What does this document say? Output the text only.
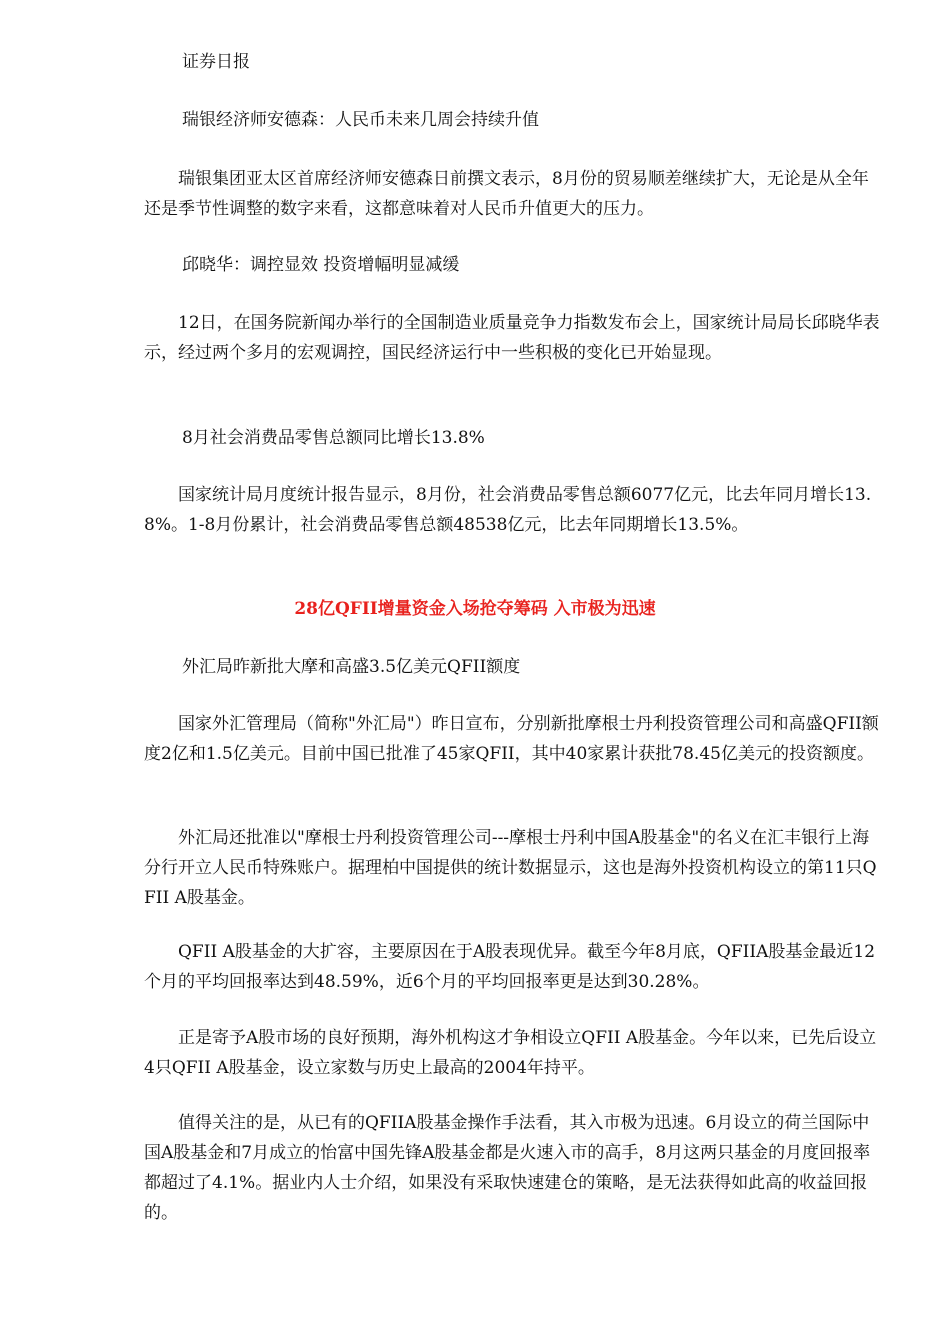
证券日报
瑞银经济师安德森：人民币未来几周会持续升值

瑞银集团亚太区首席经济师安德森日前撰文表示，8月份的贸易顺差继续扩大，无论是从全年还是季节性调整的数字来看，这都意味着对人民币升值更大的压力。

邱晓华：调控显效 投资增幅明显减缓

12日，在国务院新闻办举行的全国制造业质量竞争力指数发布会上，国家统计局局长邱晓华表示，经过两个多月的宏观调控，国民经济运行中一些积极的变化已开始显现。

8月社会消费品零售总额同比增长13.8%

国家统计局月度统计报告显示，8月份，社会消费品零售总额6077亿元，比去年同月增长13.8%。1-8月份累计，社会消费品零售总额48538亿元，比去年同期增长13.5%。

28亿QFII增量资金入场抢夺筹码 入市极为迅速
外汇局昨新批大摩和高盛3.5亿美元QFII额度

国家外汇管理局（简称"外汇局"）昨日宣布，分别新批摩根士丹利投资管理公司和高盛QFII额度2亿和1.5亿美元。目前中国已批准了45家QFII，其中40家累计获批78.45亿美元的投资额度。

外汇局还批准以"摩根士丹利投资管理公司---摩根士丹利中国A股基金"的名义在汇丰银行上海分行开立人民币特殊账户。据理柏中国提供的统计数据显示，这也是海外投资机构设立的第11只QFII A股基金。

QFII A股基金的大扩容，主要原因在于A股表现优异。截至今年8月底，QFIIA股基金最近12个月的平均回报率达到48.59%，近6个月的平均回报率更是达到30.28%。

正是寄予A股市场的良好预期，海外机构这才争相设立QFII A股基金。今年以来，已先后设立4只QFII A股基金，设立家数与历史上最高的2004年持平。

值得关注的是，从已有的QFIIA股基金操作手法看，其入市极为迅速。6月设立的荷兰国际中国A股基金和7月成立的怡富中国先锋A股基金都是火速入市的高手，8月这两只基金的月度回报率都超过了4.1%。据业内人士介绍，如果没有采取快速建仓的策略，是无法获得如此高的收益回报的。
